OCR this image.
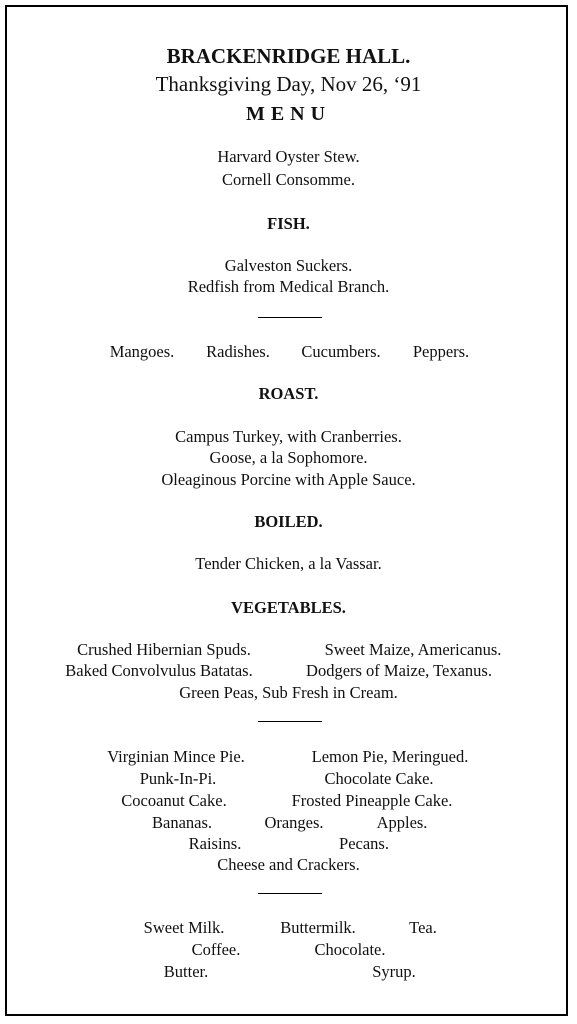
BRACKENRIDGE HALL.
Thanksgiving Day, Nov 26, ‘91
MENU
Harvard Oyster Stew.
Cornell Consomme.
FISH.
Galveston Suckers.
Redfish from Medical Branch.
Mangoes. Radishes. Cucumbers. Peppers.
ROAST.
Campus Turkey, with Cranberries.
Goose, a la Sophomore.
Oleaginous Porcine with Apple Sauce.
BOILED.
Tender Chicken, a la Vassar.
VEGETABLES.
Crushed Hibernian Spuds.	Sweet Maize, Americanus.
Baked Convolvulus Batatas.	Dodgers of Maize, Texanus.
Green Peas, Sub Fresh in Cream.
Virginian Mince Pie.	Lemon Pie, Meringued.
Punk-In-Pi.	Chocolate Cake.
Cocoanut Cake.	Frosted Pineapple Cake.
Bananas.	Oranges.	Apples.
Raisins.	Pecans.
Cheese and Crackers.
Sweet Milk.	Buttermilk.	Tea.
Coffee.	Chocolate.
Butter.	Syrup.
